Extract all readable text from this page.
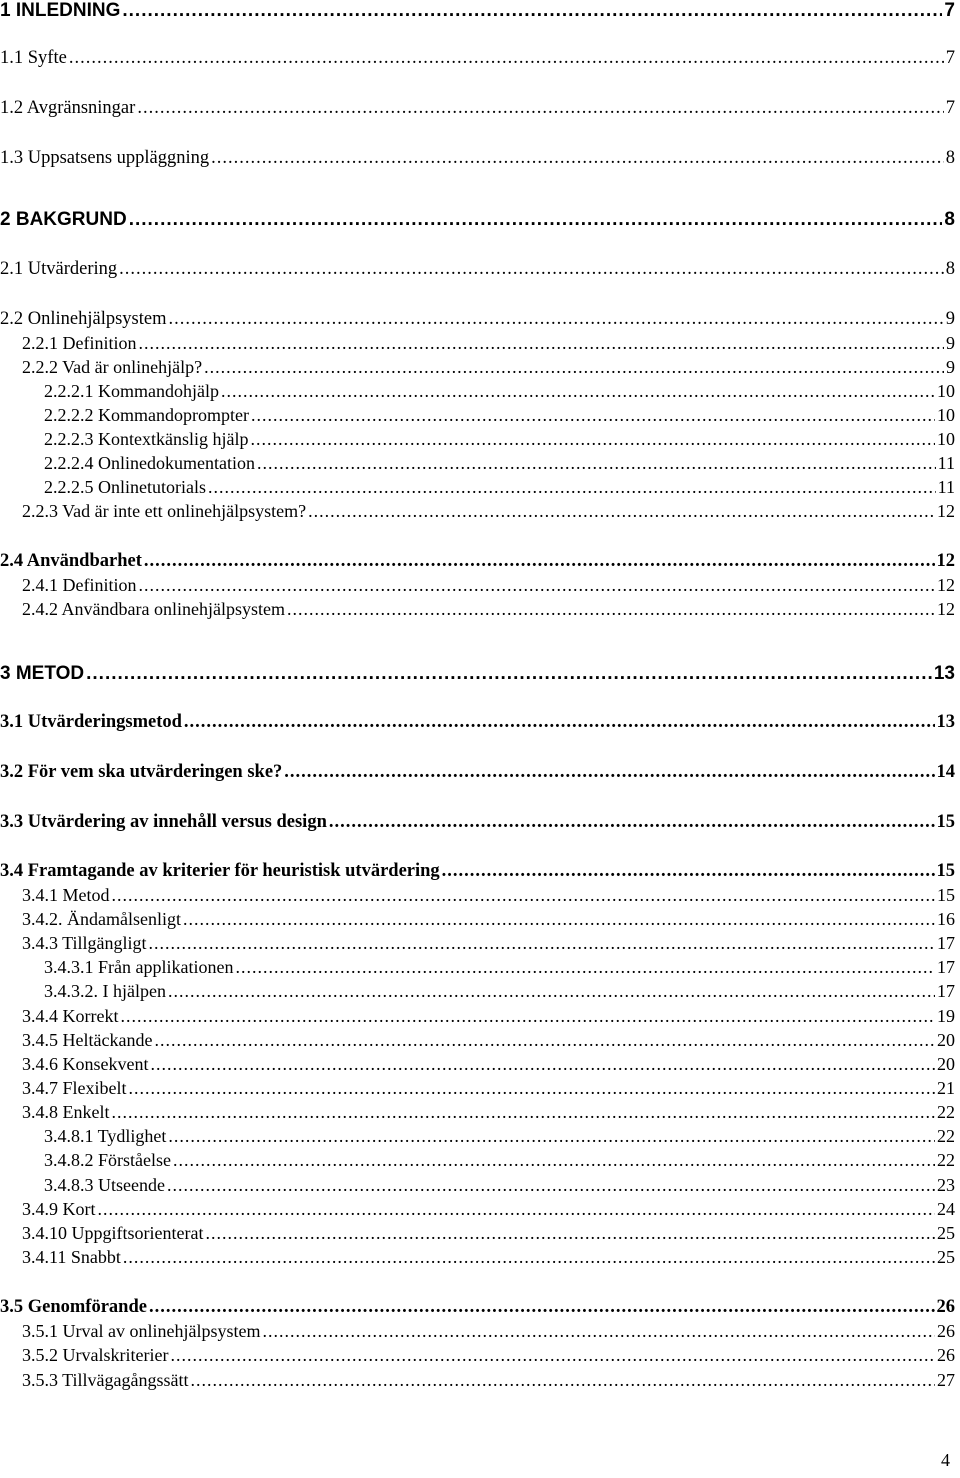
1 INLEDNING .....	7
1.1 Syfte .....	7
1.2 Avgränsningar .....	7
1.3 Uppsatsens uppläggning .....	8
2 BAKGRUND .....	8
2.1 Utvärdering .....	8
2.2 Onlinehjälpsystem .....	9
2.2.1 Definition .....	9
2.2.2 Vad är onlinehjälp? .....	9
2.2.2.1 Kommandohjälp .....	10
2.2.2.2 Kommandoprompter .....	10
2.2.2.3 Kontextkänslig hjälp .....	10
2.2.2.4 Onlinedokumentation .....	11
2.2.2.5 Onlinetutorials .....	11
2.2.3 Vad är inte ett onlinehjälpsystem? .....	12
2.4 Användbarhet .....	12
2.4.1 Definition .....	12
2.4.2 Användbara onlinehjälpsystem .....	12
3 METOD .....	13
3.1 Utvärderingsmetod .....	13
3.2 För vem ska utvärderingen ske? .....	14
3.3 Utvärdering av innehåll versus design .....	15
3.4 Framtagande av kriterier för heuristisk utvärdering .....	15
3.4.1 Metod .....	15
3.4.2. Ändamålsenligt .....	16
3.4.3 Tillgängligt .....	17
3.4.3.1 Från applikationen .....	17
3.4.3.2. I hjälpen .....	17
3.4.4 Korrekt .....	19
3.4.5 Heltäckande .....	20
3.4.6 Konsekvent .....	20
3.4.7 Flexibelt .....	21
3.4.8 Enkelt .....	22
3.4.8.1 Tydlighet .....	22
3.4.8.2 Förståelse .....	22
3.4.8.3 Utseende .....	23
3.4.9 Kort .....	24
3.4.10 Uppgiftsorienterat .....	25
3.4.11 Snabbt .....	25
3.5 Genomförande .....	26
3.5.1 Urval av onlinehjälpsystem .....	26
3.5.2 Urvalskriterier .....	26
3.5.3 Tillvägagångssätt .....	27
4
